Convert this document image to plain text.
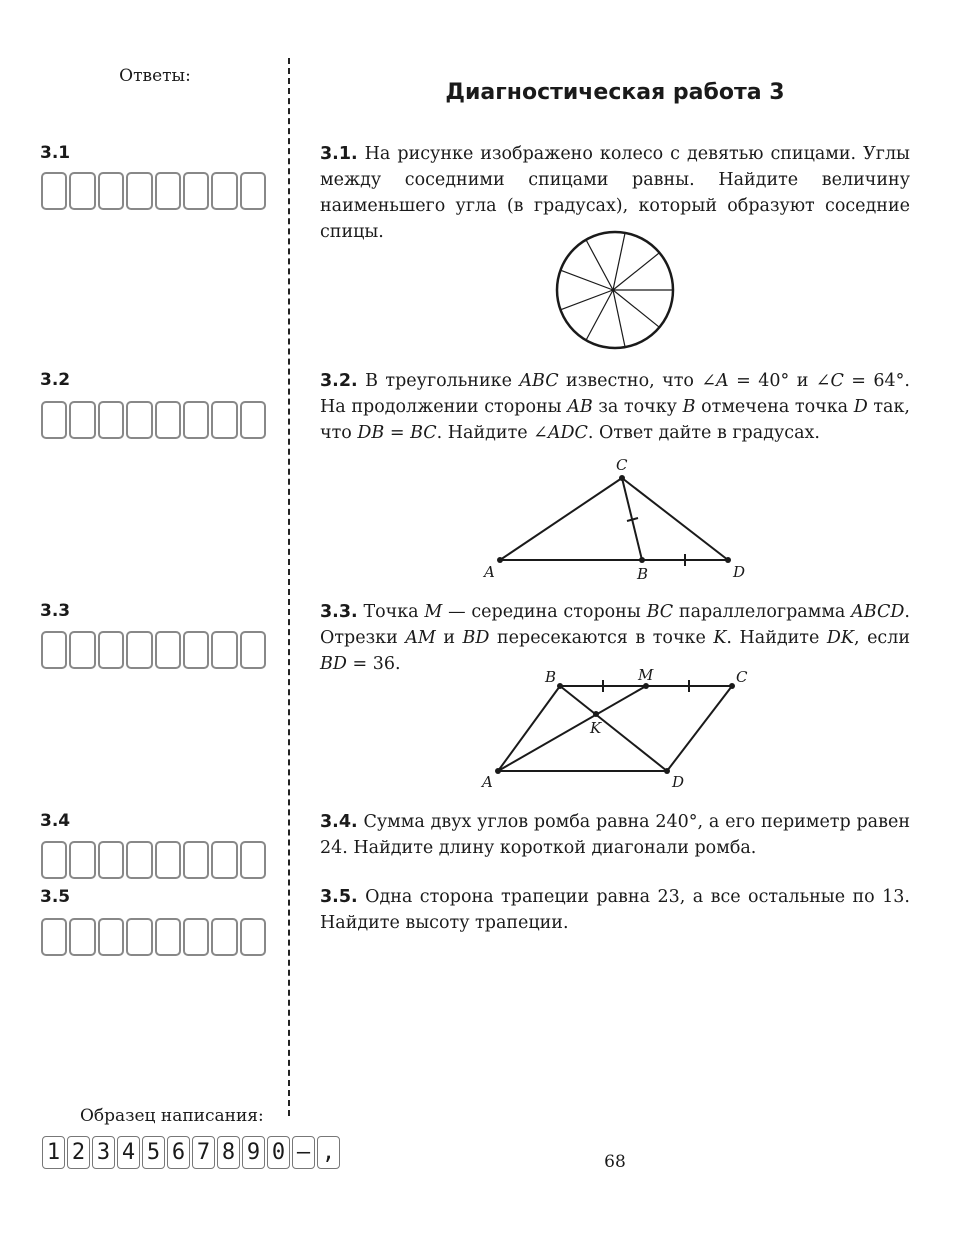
Ответы:
3.1
3.2
3.3
3.4
3.5
Образец написания:
1 2 3 4 5 6 7 8 9 0 – ,
Диагностическая работа 3
3.1. На рисунке изображено колесо с девятью спицами. Углы между соседними спицами равны. Найдите величину наименьшего угла (в градусах), который образуют соседние спицы.
3.2. В треугольнике ABC известно, что ∠A = 40° и ∠C = 64°. На продолжении стороны AB за точку B отмечена точка D так, что DB = BC. Найдите ∠ADC. Ответ дайте в градусах.
A	B
C
D
3.3. Точка M — середина стороны BC параллелограмма ABCD. Отрезки AM и BD пересекаются в точке K. Найдите DK, если BD = 36.
B	M	C
A	D
K
3.4. Сумма двух углов ромба равна 240°, а его периметр равен 24. Найдите длину короткой диагонали ромба.
3.5. Одна сторона трапеции равна 23, а все остальные по 13. Найдите высоту трапеции.
68
